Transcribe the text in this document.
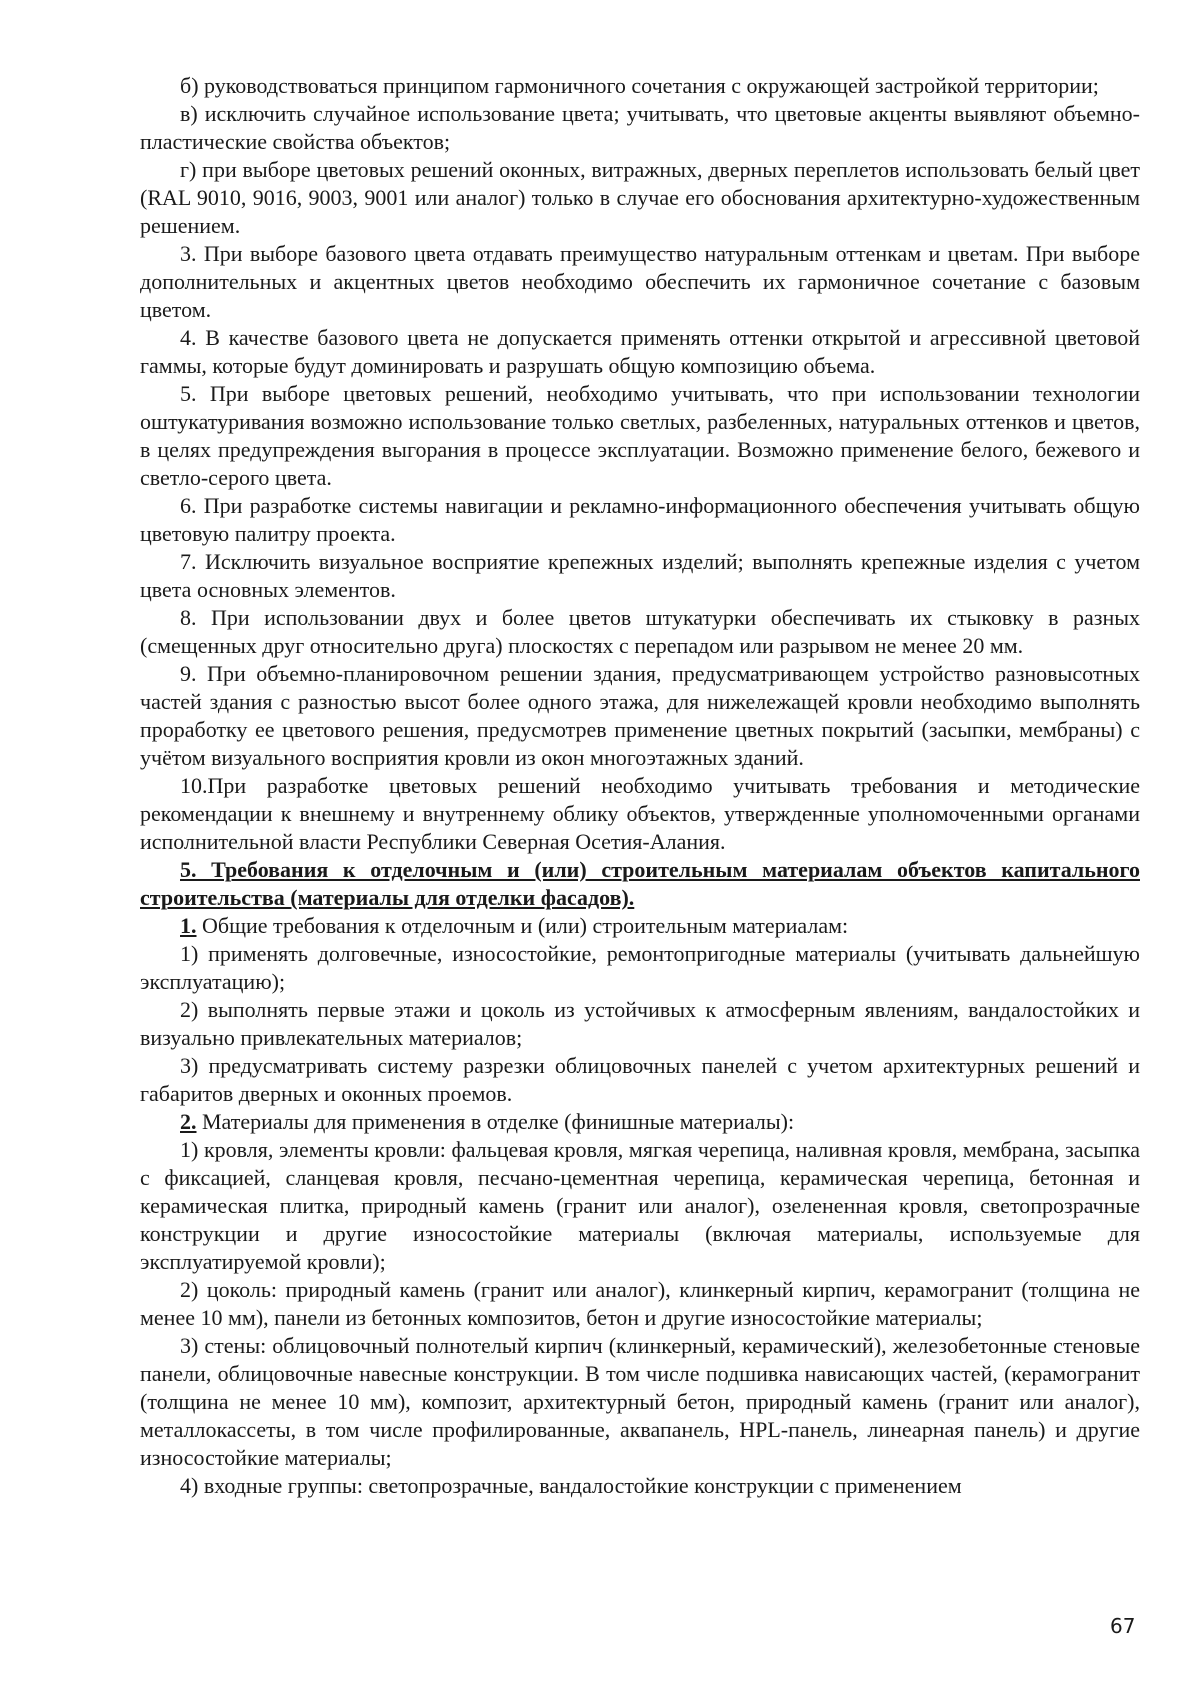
б) руководствоваться принципом гармоничного сочетания с окружающей застройкой территории;

в) исключить случайное использование цвета; учитывать, что цветовые акценты выявляют объемно-пластические свойства объектов;

г) при выборе цветовых решений оконных, витражных, дверных переплетов использовать белый цвет (RAL 9010, 9016, 9003, 9001 или аналог) только в случае его обоснования архитектурно-художественным решением.

3. При выборе базового цвета отдавать преимущество натуральным оттенкам и цветам. При выборе дополнительных и акцентных цветов необходимо обеспечить их гармоничное сочетание с базовым цветом.

4. В качестве базового цвета не допускается применять оттенки открытой и агрессивной цветовой гаммы, которые будут доминировать и разрушать общую композицию объема.

5. При выборе цветовых решений, необходимо учитывать, что при использовании технологии оштукатуривания возможно использование только светлых, разбеленных, натуральных оттенков и цветов, в целях предупреждения выгорания в процессе эксплуатации. Возможно применение белого, бежевого и светло-серого цвета.

6. При разработке системы навигации и рекламно-информационного обеспечения учитывать общую цветовую палитру проекта.

7. Исключить визуальное восприятие крепежных изделий; выполнять крепежные изделия с учетом цвета основных элементов.

8. При использовании двух и более цветов штукатурки обеспечивать их стыковку в разных (смещенных друг относительно друга) плоскостях с перепадом или разрывом не менее 20 мм.

9. При объемно-планировочном решении здания, предусматривающем устройство разновысотных частей здания с разностью высот более одного этажа, для нижележащей кровли необходимо выполнять проработку ее цветового решения, предусмотрев применение цветных покрытий (засыпки, мембраны) с учётом визуального восприятия кровли из окон многоэтажных зданий.

10.При разработке цветовых решений необходимо учитывать требования и методические рекомендации к внешнему и внутреннему облику объектов, утвержденные уполномоченными органами исполнительной власти Республики Северная Осетия-Алания.

5. Требования к отделочным и (или) строительным материалам объектов капитального строительства (материалы для отделки фасадов).

1. Общие требования к отделочным и (или) строительным материалам:

1) применять долговечные, износостойкие, ремонтопригодные материалы (учитывать дальнейшую эксплуатацию);

2) выполнять первые этажи и цоколь из устойчивых к атмосферным явлениям, вандалостойких и визуально привлекательных материалов;

3) предусматривать систему разрезки облицовочных панелей с учетом архитектурных решений и габаритов дверных и оконных проемов.

2. Материалы для применения в отделке (финишные материалы):

1) кровля, элементы кровли: фальцевая кровля, мягкая черепица, наливная кровля, мембрана, засыпка с фиксацией, сланцевая кровля, песчано-цементная черепица, керамическая черепица, бетонная и керамическая плитка, природный камень (гранит или аналог), озелененная кровля, светопрозрачные конструкции и другие износостойкие материалы (включая материалы, используемые для эксплуатируемой кровли);

2) цоколь: природный камень (гранит или аналог), клинкерный кирпич, керамогранит (толщина не менее 10 мм), панели из бетонных композитов, бетон и другие износостойкие материалы;

3) стены: облицовочный полнотелый кирпич (клинкерный, керамический), железобетонные стеновые панели, облицовочные навесные конструкции. В том числе подшивка нависающих частей, (керамогранит (толщина не менее 10 мм), композит, архитектурный бетон, природный камень (гранит или аналог), металлокассеты, в том числе профилированные, аквапанель, HPL-панель, линеарная панель) и другие износостойкие материалы;

4) входные группы: светопрозрачные, вандалостойкие конструкции с применением

67
